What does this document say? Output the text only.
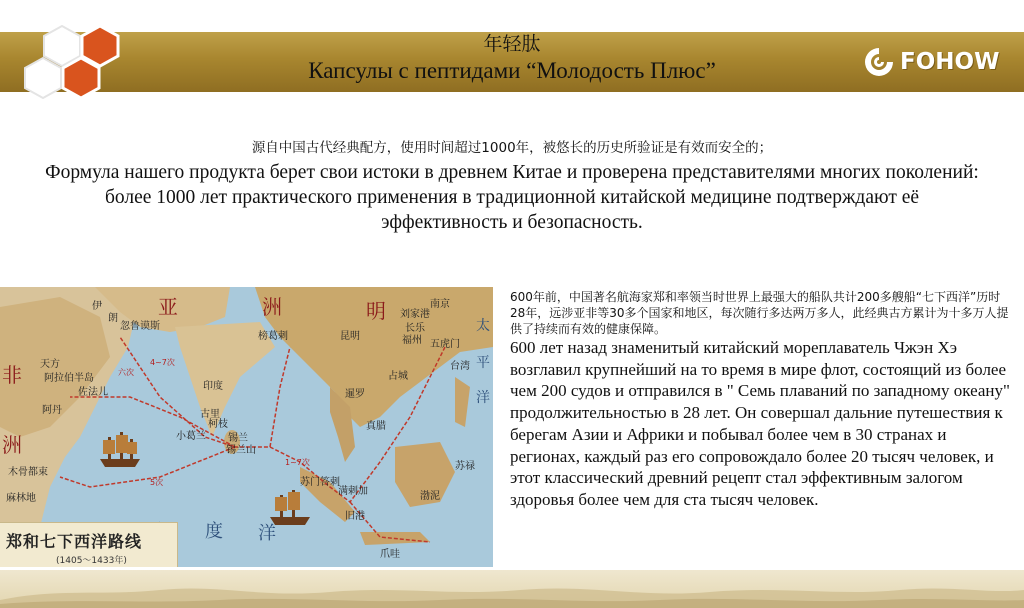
年轻肽
Капсулы с пептидами “Молодость Плюс”	FOHOW
源自中国古代经典配方，使用时间超过1000年，被悠长的历史所验证是有效而安全的；
Формула нашего продукта берет свои истоки в древнем Китае и проверена представителями многих поколений: более 1000 лет практического применения в традиционной китайской медицине подтверждают её эффективность и безопасность.
亚	洲	明
非
洲
度 洋
太
平
洋
伊
朗
忽鲁谟斯
天方
阿拉伯半岛
佐法儿
阿丹
印度
古里
柯枝
小葛兰 锡兰
锡兰山
榜葛剌
木骨都束
麻林地
占城
暹罗
真腊
满剌加
苏门答剌
旧港
爪哇
渤泥
刘家港
长乐
福州 五虎门
昆明
南京
台湾
苏禄
六次
1~7次
5次
4~7次
郑和七下西洋路线
(1405～1433年)
600年前，中国著名航海家郑和率领当时世界上最强大的船队共计200多艘船“七下西洋”历时28年，远涉亚非等30多个国家和地区，每次随行多达两万多人，此经典古方累计为十多万人提供了持续而有效的健康保障。
600 лет назад знаменитый китайский мореплаватель Чжэн Хэ возглавил крупнейший на то время в мире флот, состоящий из более чем 200 судов и отправился в " Семь плаваний по западному океану" продолжительностью в 28 лет. Он совершал дальние путешествия к берегам Азии и Африки и побывал более чем в 30 странах и регионах, каждый раз его сопровождало более 20 тысяч человек, и этот классический древний рецепт стал эффективным залогом здоровья более чем для ста тысяч человек.
